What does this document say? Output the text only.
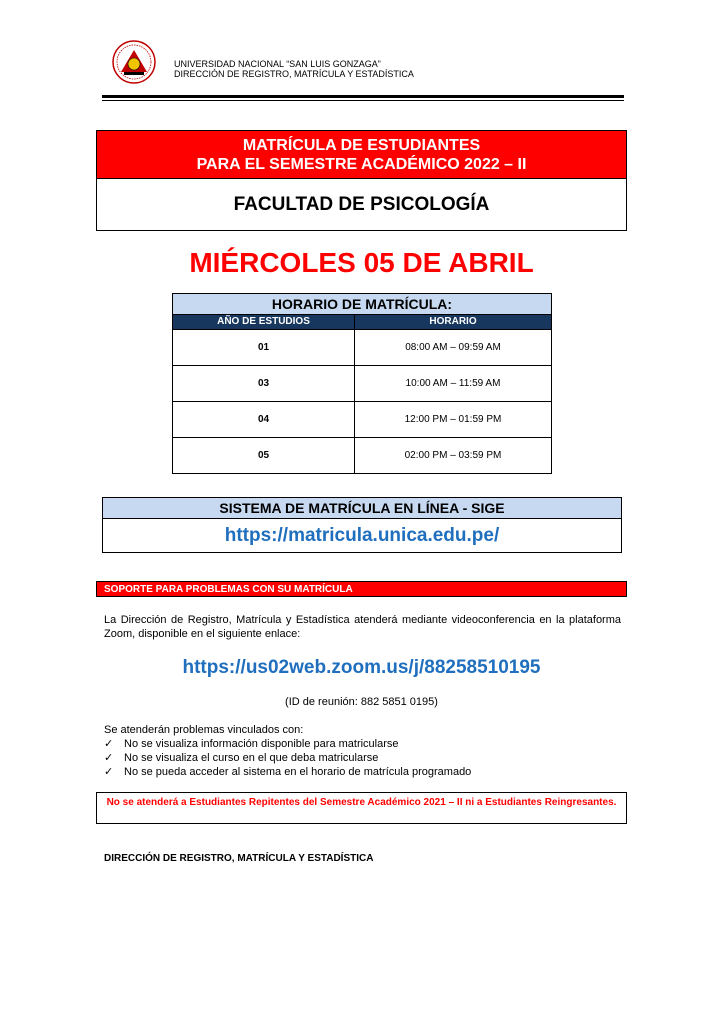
UNIVERSIDAD NACIONAL “SAN LUIS GONZAGA”
DIRECCIÓN DE REGISTRO, MATRÍCULA Y ESTADÍSTICA
MATRÍCULA DE ESTUDIANTES
PARA EL SEMESTRE ACADÉMICO 2022 – II
FACULTAD DE PSICOLOGÍA
MIÉRCOLES 05 DE ABRIL
HORARIO DE MATRÍCULA:
AÑO DE ESTUDIOS	HORARIO
01	08:00 AM – 09:59 AM
03	10:00 AM – 11:59 AM
04	12:00 PM – 01:59 PM
05	02:00 PM – 03:59 PM
SISTEMA DE MATRÍCULA EN LÍNEA - SIGE
https://matricula.unica.edu.pe/
SOPORTE PARA PROBLEMAS CON SU MATRÍCULA
La Dirección de Registro, Matrícula y Estadística atenderá mediante videoconferencia en la plataforma Zoom, disponible en el siguiente enlace:
https://us02web.zoom.us/j/88258510195
(ID de reunión: 882 5851 0195)
Se atenderán problemas vinculados con:
✓ No se visualiza información disponible para matricularse
✓ No se visualiza el curso en el que deba matricularse
✓ No se pueda acceder al sistema en el horario de matrícula programado
No se atenderá a Estudiantes Repitentes del Semestre Académico 2021 – II ni a Estudiantes Reingresantes.
DIRECCIÓN DE REGISTRO, MATRÍCULA Y ESTADÍSTICA
